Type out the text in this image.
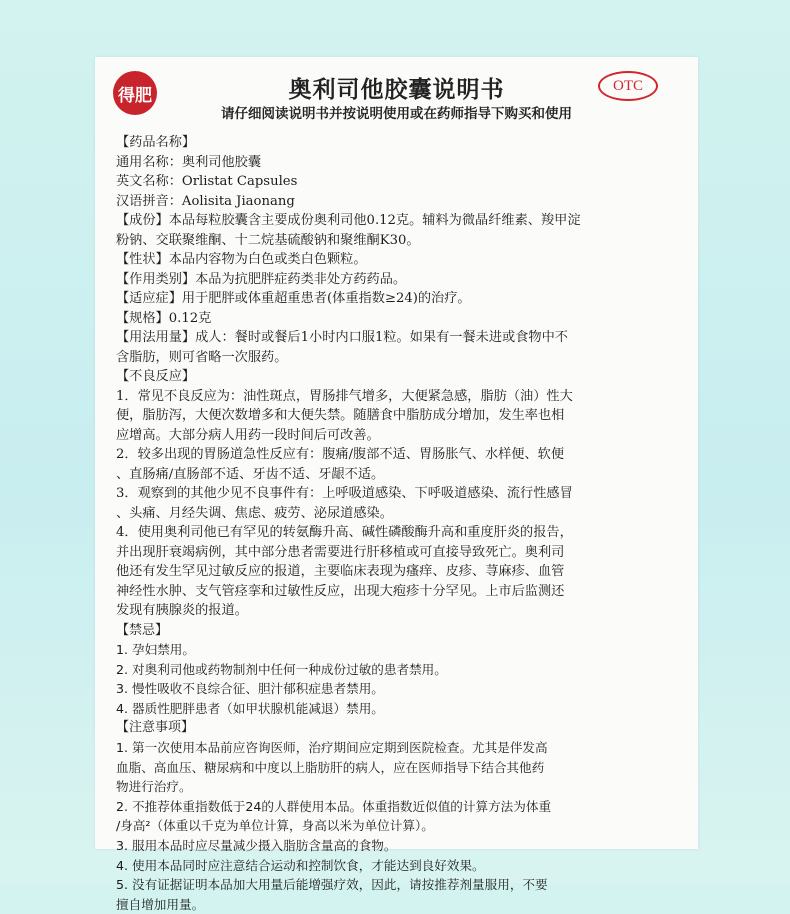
得肥	奥利司他胶囊说明书	OTC
请仔细阅读说明书并按说明使用或在药师指导下购买和使用

【药品名称】

通用名称：奥利司他胶囊

英文名称：Orlistat Capsules

汉语拼音：Aolisita Jiaonang

【成份】本品每粒胶囊含主要成份奥利司他0.12克。辅料为微晶纤维素、羧甲淀

粉钠、交联聚维酮、十二烷基硫酸钠和聚维酮K30。

【性状】本品内容物为白色或类白色颗粒。

【作用类别】本品为抗肥胖症药类非处方药药品。

【适应症】用于肥胖或体重超重患者(体重指数≥24)的治疗。

【规格】0.12克

【用法用量】成人：餐时或餐后1小时内口服1粒。如果有一餐未进或食物中不

含脂肪，则可省略一次服药。

【不良反应】

1．常见不良反应为：油性斑点，胃肠排气增多，大便紧急感，脂肪（油）性大

便，脂肪泻，大便次数增多和大便失禁。随膳食中脂肪成分增加，发生率也相

应增高。大部分病人用药一段时间后可改善。

2．较多出现的胃肠道急性反应有：腹痛/腹部不适、胃肠胀气、水样便、软便

、直肠痛/直肠部不适、牙齿不适、牙龈不适。

3．观察到的其他少见不良事件有：上呼吸道感染、下呼吸道感染、流行性感冒

、头痛、月经失调、焦虑、疲劳、泌尿道感染。

4．使用奥利司他已有罕见的转氨酶升高、碱性磷酸酶升高和重度肝炎的报告，

并出现肝衰竭病例，其中部分患者需要进行肝移植或可直接导致死亡。奥利司

他还有发生罕见过敏反应的报道，主要临床表现为瘙痒、皮疹、荨麻疹、血管

神经性水肿、支气管痉挛和过敏性反应，出现大疱疹十分罕见。上市后监测还

发现有胰腺炎的报道。

【禁忌】

1. 孕妇禁用。

2. 对奥利司他或药物制剂中任何一种成份过敏的患者禁用。

3. 慢性吸收不良综合征、胆汁郁积症患者禁用。

4. 器质性肥胖患者（如甲状腺机能减退）禁用。

【注意事项】

1. 第一次使用本品前应咨询医师，治疗期间应定期到医院检查。尤其是伴发高

血脂、高血压、糖尿病和中度以上脂肪肝的病人，应在医师指导下结合其他药

物进行治疗。

2. 不推荐体重指数低于24的人群使用本品。体重指数近似值的计算方法为体重

/身高²（体重以千克为单位计算，身高以米为单位计算）。

3. 服用本品时应尽量减少摄入脂肪含量高的食物。

4. 使用本品同时应注意结合运动和控制饮食，才能达到良好效果。

5. 没有证据证明本品加大用量后能增强疗效，因此，请按推荐剂量服用，不要

擅自增加用量。
